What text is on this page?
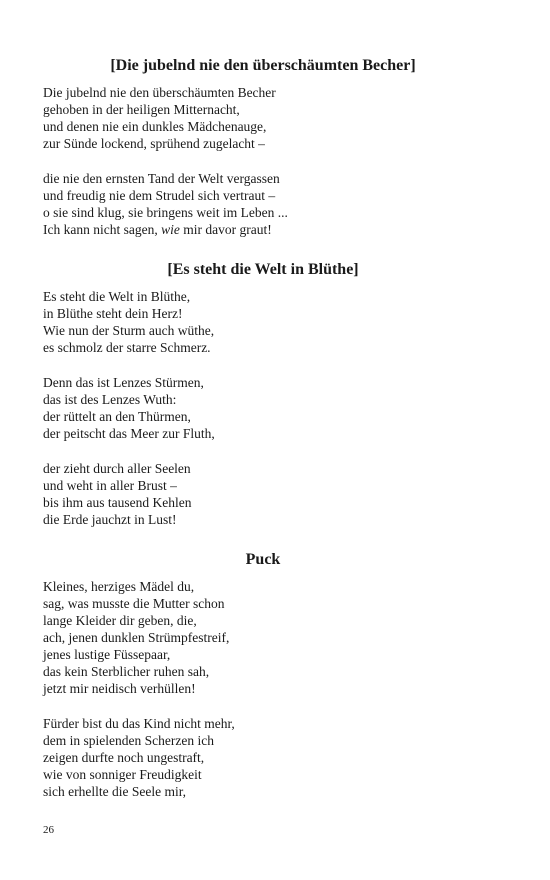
[Die jubelnd nie den überschäumten Becher]
Die jubelnd nie den überschäumten Becher
gehoben in der heiligen Mitternacht,
und denen nie ein dunkles Mädchenauge,
zur Sünde lockend, sprühend zugelacht –
die nie den ernsten Tand der Welt vergassen
und freudig nie dem Strudel sich vertraut –
o sie sind klug, sie bringens weit im Leben ...
Ich kann nicht sagen, wie mir davor graut!
[Es steht die Welt in Blüthe]
Es steht die Welt in Blüthe,
in Blüthe steht dein Herz!
Wie nun der Sturm auch wüthe,
es schmolz der starre Schmerz.
Denn das ist Lenzes Stürmen,
das ist des Lenzes Wuth:
der rüttelt an den Thürmen,
der peitscht das Meer zur Fluth,
der zieht durch aller Seelen
und weht in aller Brust –
bis ihm aus tausend Kehlen
die Erde jauchzt in Lust!
Puck
Kleines, herziges Mädel du,
sag, was musste die Mutter schon
lange Kleider dir geben, die,
ach, jenen dunklen Strümpfestreif,
jenes lustige Füssepaar,
das kein Sterblicher ruhen sah,
jetzt mir neidisch verhüllen!
Fürder bist du das Kind nicht mehr,
dem in spielenden Scherzen ich
zeigen durfte noch ungestraft,
wie von sonniger Freudigkeit
sich erhellte die Seele mir,
26
